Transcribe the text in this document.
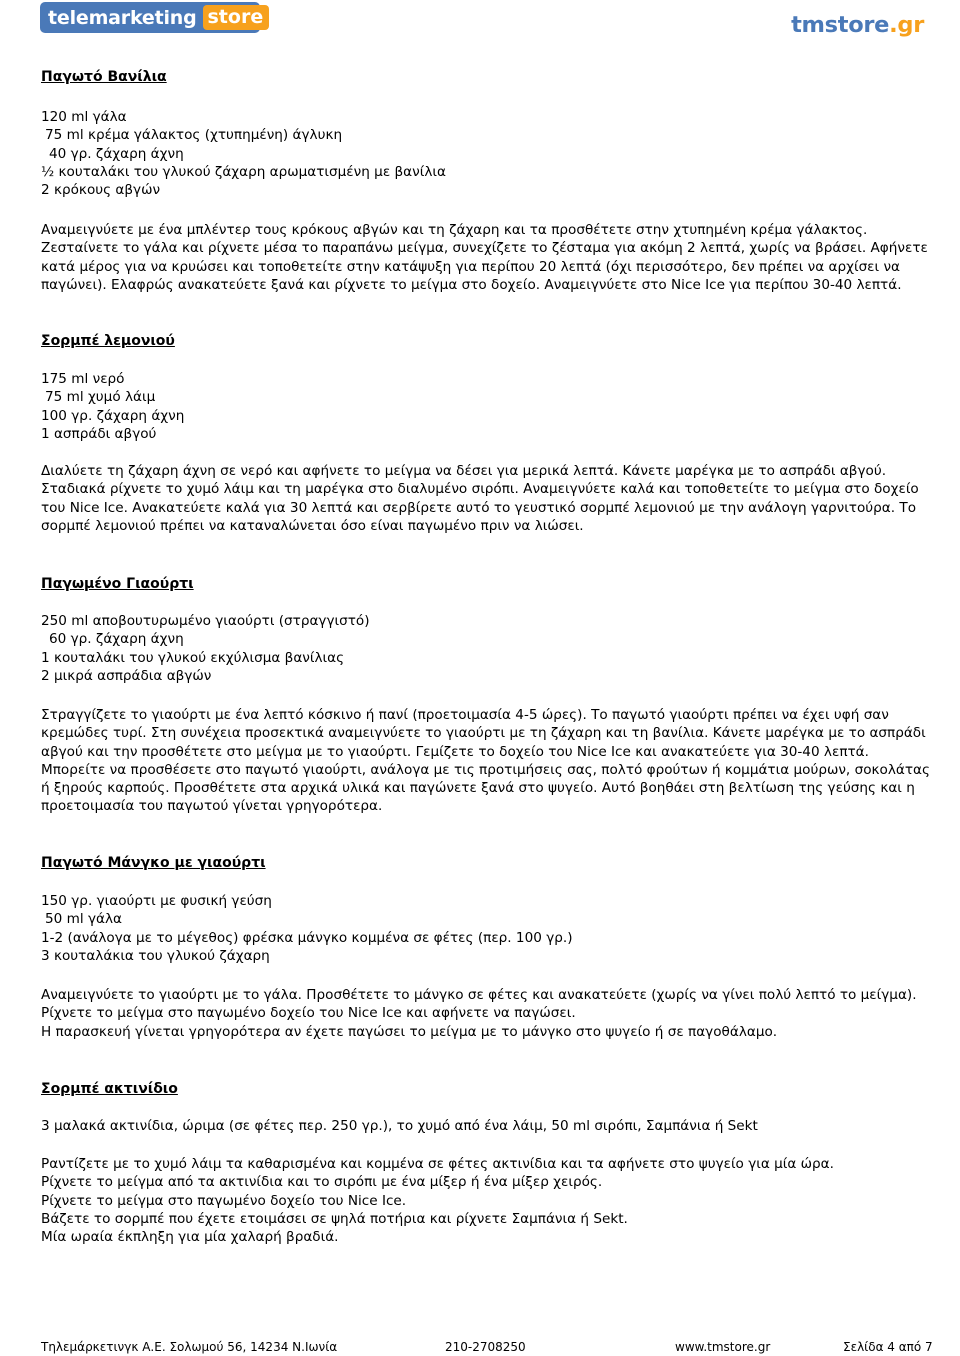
telemarketing store ®
tmstore.gr
Παγωτό Βανίλια
120 ml γάλα
75 ml κρέμα γάλακτος (χτυπημένη) άγλυκη
40 γρ. ζάχαρη άχνη
½ κουταλάκι του γλυκού ζάχαρη αρωματισμένη με βανίλια
2 κρόκους αβγών
Αναμειγνύετε με ένα μπλέντερ τους κρόκους αβγών και τη ζάχαρη και τα προσθέτετε στην χτυπημένη κρέμα γάλακτος.
Ζεσταίνετε το γάλα και ρίχνετε μέσα το παραπάνω μείγμα, συνεχίζετε το ζέσταμα για ακόμη 2 λεπτά, χωρίς να βράσει. Αφήνετε
κατά μέρος για να κρυώσει και τοποθετείτε στην κατάψυξη για περίπου 20 λεπτά (όχι περισσότερο, δεν πρέπει να αρχίσει να
παγώνει). Ελαφρώς ανακατεύετε ξανά και ρίχνετε το μείγμα στο δοχείο. Αναμειγνύετε στο Nice Ice για περίπου 30-40 λεπτά.
Σορμπέ λεμονιού
175 ml νερό
75 ml χυμό λάιμ
100 γρ. ζάχαρη άχνη
1 ασπράδι αβγού
Διαλύετε τη ζάχαρη άχνη σε νερό και αφήνετε το μείγμα να δέσει για μερικά λεπτά. Κάνετε μαρέγκα με το ασπράδι αβγού.
Σταδιακά ρίχνετε το χυμό λάιμ και τη μαρέγκα στο διαλυμένο σιρόπι. Αναμειγνύετε καλά και τοποθετείτε το μείγμα στο δοχείο
του Nice Ice. Ανακατεύετε καλά για 30 λεπτά και σερβίρετε αυτό το γευστικό σορμπέ λεμονιού με την ανάλογη γαρνιτούρα. Το
σορμπέ λεμονιού πρέπει να καταναλώνεται όσο είναι παγωμένο πριν να λιώσει.
Παγωμένο Γιαούρτι
250 ml αποβουτυρωμένο γιαούρτι (στραγγιστό)
60 γρ. ζάχαρη άχνη
1 κουταλάκι του γλυκού εκχύλισμα βανίλιας
2 μικρά ασπράδια αβγών
Στραγγίζετε το γιαούρτι με ένα λεπτό κόσκινο ή πανί (προετοιμασία 4-5 ώρες). Το παγωτό γιαούρτι πρέπει να έχει υφή σαν
κρεμώδες τυρί. Στη συνέχεια προσεκτικά αναμειγνύετε το γιαούρτι με τη ζάχαρη και τη βανίλια. Κάνετε μαρέγκα με το ασπράδι
αβγού και την προσθέτετε στο μείγμα με το γιαούρτι. Γεμίζετε το δοχείο του Nice Ice και ανακατεύετε για 30-40 λεπτά.
Μπορείτε να προσθέσετε στο παγωτό γιαούρτι, ανάλογα με τις προτιμήσεις σας, πολτό φρούτων ή κομμάτια μούρων, σοκολάτας
ή ξηρούς καρπούς. Προσθέτετε στα αρχικά υλικά και παγώνετε ξανά στο ψυγείο. Αυτό βοηθάει στη βελτίωση της γεύσης και η
προετοιμασία του παγωτού γίνεται γρηγορότερα.
Παγωτό Μάνγκο με γιαούρτι
150 γρ. γιαούρτι με φυσική γεύση
50 ml γάλα
1-2 (ανάλογα με το μέγεθος) φρέσκα μάνγκο κομμένα σε φέτες (περ. 100 γρ.)
3 κουταλάκια του γλυκού ζάχαρη
Αναμειγνύετε το γιαούρτι με το γάλα. Προσθέτετε το μάνγκο σε φέτες και ανακατεύετε (χωρίς να γίνει πολύ λεπτό το μείγμα).
Ρίχνετε το μείγμα στο παγωμένο δοχείο του Nice Ice και αφήνετε να παγώσει.
Η παρασκευή γίνεται γρηγορότερα αν έχετε παγώσει το μείγμα με το μάνγκο στο ψυγείο ή σε παγοθάλαμο.
Σορμπέ ακτινίδιο
3 μαλακά ακτινίδια, ώριμα (σε φέτες περ. 250 γρ.), το χυμό από ένα λάιμ, 50 ml σιρόπι, Σαμπάνια ή Sekt
Ραντίζετε με το χυμό λάιμ τα καθαρισμένα και κομμένα σε φέτες ακτινίδια και τα αφήνετε στο ψυγείο για μία ώρα.
Ρίχνετε το μείγμα από τα ακτινίδια και το σιρόπι με ένα μίξερ ή ένα μίξερ χειρός.
Ρίχνετε το μείγμα στο παγωμένο δοχείο του Nice Ice.
Βάζετε το σορμπέ που έχετε ετοιμάσει σε ψηλά ποτήρια και ρίχνετε Σαμπάνια ή Sekt.
Μία ωραία έκπληξη για μία χαλαρή βραδιά.
Τηλεμάρκετινγκ Α.Ε. Σολωμού 56, 14234 Ν.Ιωνία	210-2708250	www.tmstore.gr	Σελίδα 4 από 7
